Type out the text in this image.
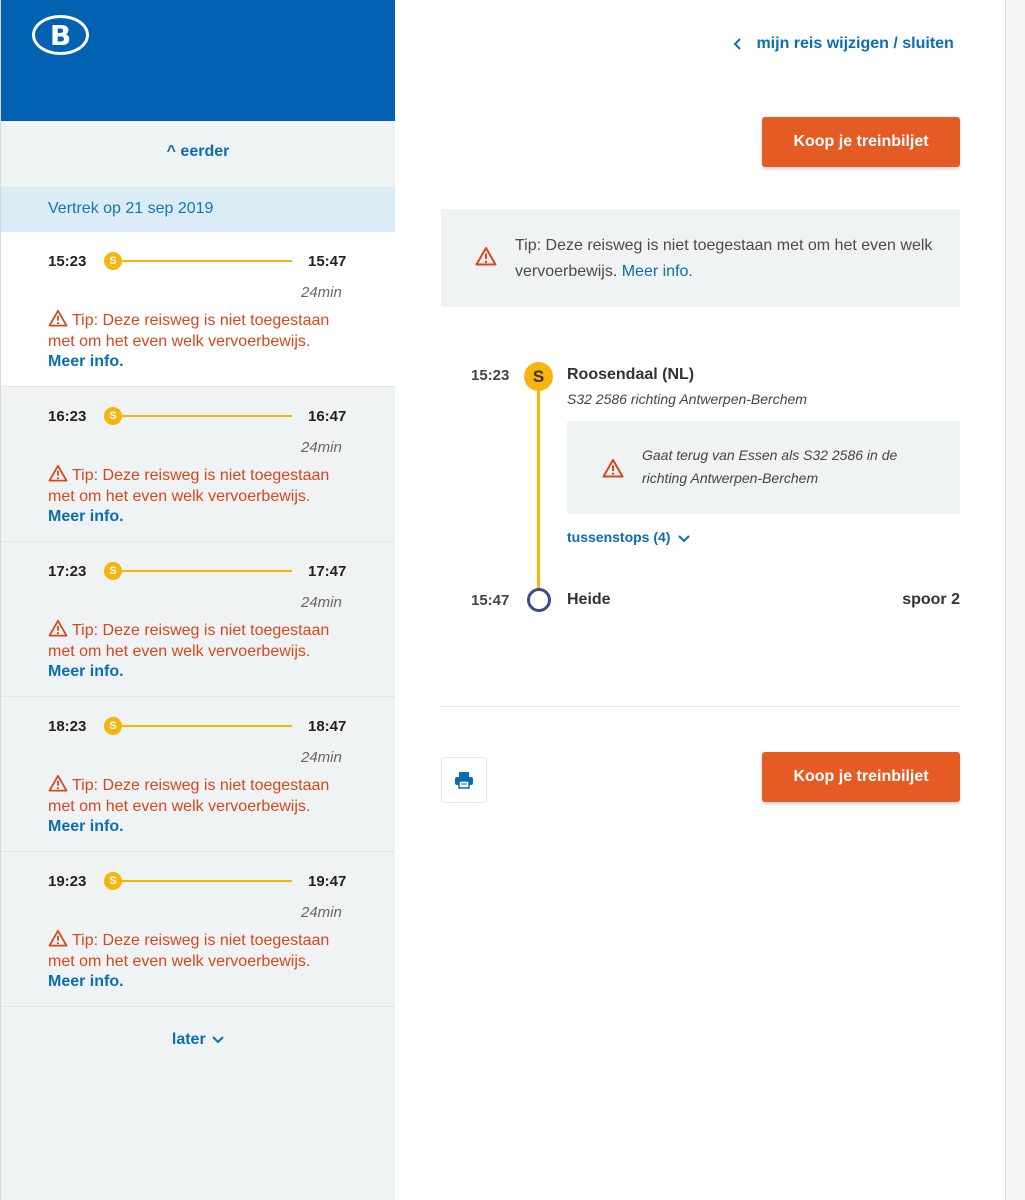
B
^ eerder
Vertrek op 21 sep 2019
15:23	S	15:47
24min
Tip: Deze reisweg is niet toegestaan met om het even welk vervoerbewijs. Meer info.
16:23	S	16:47
24min
Tip: Deze reisweg is niet toegestaan met om het even welk vervoerbewijs. Meer info.
17:23	S	17:47
24min
Tip: Deze reisweg is niet toegestaan met om het even welk vervoerbewijs. Meer info.
18:23	S	18:47
24min
Tip: Deze reisweg is niet toegestaan met om het even welk vervoerbewijs. Meer info.
19:23	S	19:47
24min
Tip: Deze reisweg is niet toegestaan met om het even welk vervoerbewijs. Meer info.
later
mijn reis wijzigen / sluiten
Koop je treinbiljet
Tip: Deze reisweg is niet toegestaan met om het even welk vervoerbewijs. Meer info.
15:23	S	Roosendaal (NL)
S32 2586 richting Antwerpen-Berchem
Gaat terug van Essen als S32 2586 in de richting Antwerpen-Berchem
tussenstops (4)
15:47	Heide	spoor 2
Koop je treinbiljet
